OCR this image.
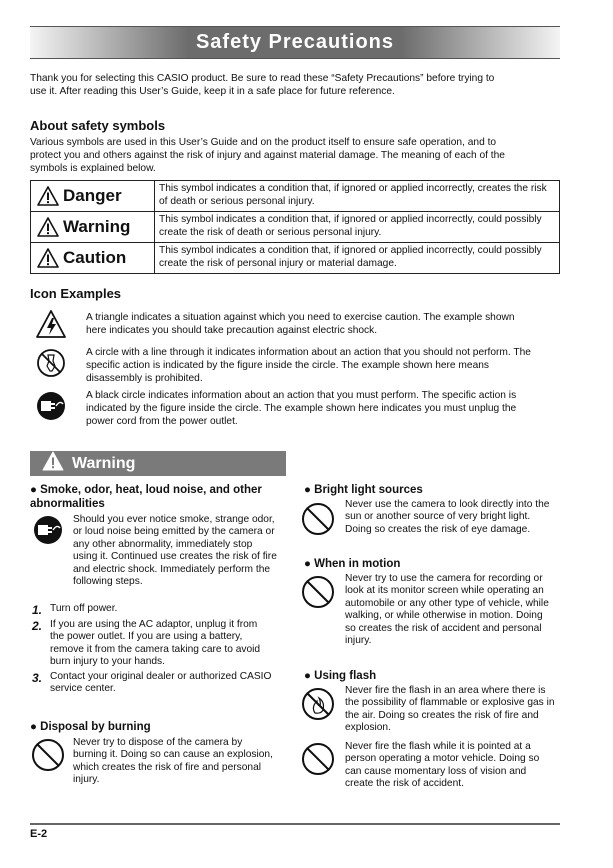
Safety Precautions

Thank you for selecting this CASIO product. Be sure to read these “Safety Precautions” before trying to use it. After reading this User’s Guide, keep it in a safe place for future reference.

About safety symbols

Various symbols are used in this User’s Guide and on the product itself to ensure safe operation, and to protect you and others against the risk of injury and against material damage. The meaning of each of the symbols is explained below.

Danger	This symbol indicates a condition that, if ignored or applied incorrectly, creates the risk of death or serious personal injury.
Warning	This symbol indicates a condition that, if ignored or applied incorrectly, could possibly create the risk of death or serious personal injury.
Caution	This symbol indicates a condition that, if ignored or applied incorrectly, could possibly create the risk of personal injury or material damage.
Icon Examples

A triangle indicates a situation against which you need to exercise caution. The example shown here indicates you should take precaution against electric shock.

A circle with a line through it indicates information about an action that you should not perform. The specific action is indicated by the figure inside the circle. The example shown here means disassembly is prohibited.

A black circle indicates information about an action that you must perform. The specific action is indicated by the figure inside the circle. The example shown here indicates you must unplug the power cord from the power outlet.

Warning

● Smoke, odor, heat, loud noise, and other abnormalities

Should you ever notice smoke, strange odor, or loud noise being emitted by the camera or any other abnormality, immediately stop using it. Continued use creates the risk of fire and electric shock. Immediately perform the following steps.

1. Turn off power.
2. If you are using the AC adaptor, unplug it from the power outlet. If you are using a battery, remove it from the camera taking care to avoid burn injury to your hands.
3. Contact your original dealer or authorized CASIO service center.

● Disposal by burning

Never try to dispose of the camera by burning it. Doing so can cause an explosion, which creates the risk of fire and personal injury.

● Bright light sources

Never use the camera to look directly into the sun or another source of very bright light. Doing so creates the risk of eye damage.

● When in motion

Never try to use the camera for recording or look at its monitor screen while operating an automobile or any other type of vehicle, while walking, or while otherwise in motion. Doing so creates the risk of accident and personal injury.

● Using flash

Never fire the flash in an area where there is the possibility of flammable or explosive gas in the air. Doing so creates the risk of fire and explosion.

Never fire the flash while it is pointed at a person operating a motor vehicle. Doing so can cause momentary loss of vision and create the risk of accident.

E-2
